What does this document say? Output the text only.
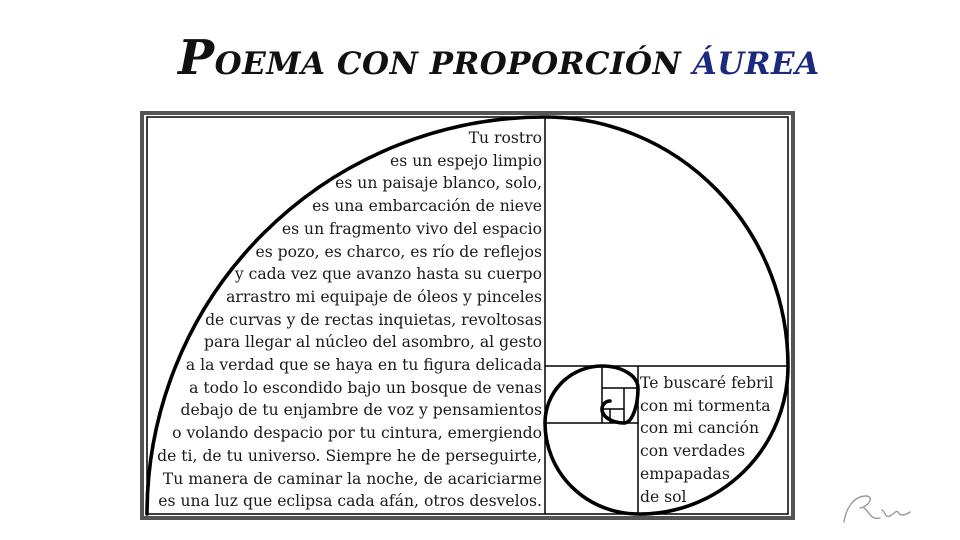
POEMA CON PROPORCIÓN ÁUREA
Tu rostro
es un espejo limpio
es un paisaje blanco, solo,
es una embarcación de nieve
es un fragmento vivo del espacio
es pozo, es charco, es río de reflejos
y cada vez que avanzo hasta su cuerpo
arrastro mi equipaje de óleos y pinceles
de curvas y de rectas inquietas, revoltosas
para llegar al núcleo del asombro, al gesto
a la verdad que se haya en tu figura delicada
a todo lo escondido bajo un bosque de venas
debajo de tu enjambre de voz y pensamientos
o volando despacio por tu cintura, emergiendo
de ti, de tu universo. Siempre he de perseguirte,
Tu manera de caminar la noche, de acariciarme
es una luz que eclipsa cada afán, otros desvelos.
Te buscaré febril
con mi tormenta
con mi canción
con verdades
empapadas
de sol
